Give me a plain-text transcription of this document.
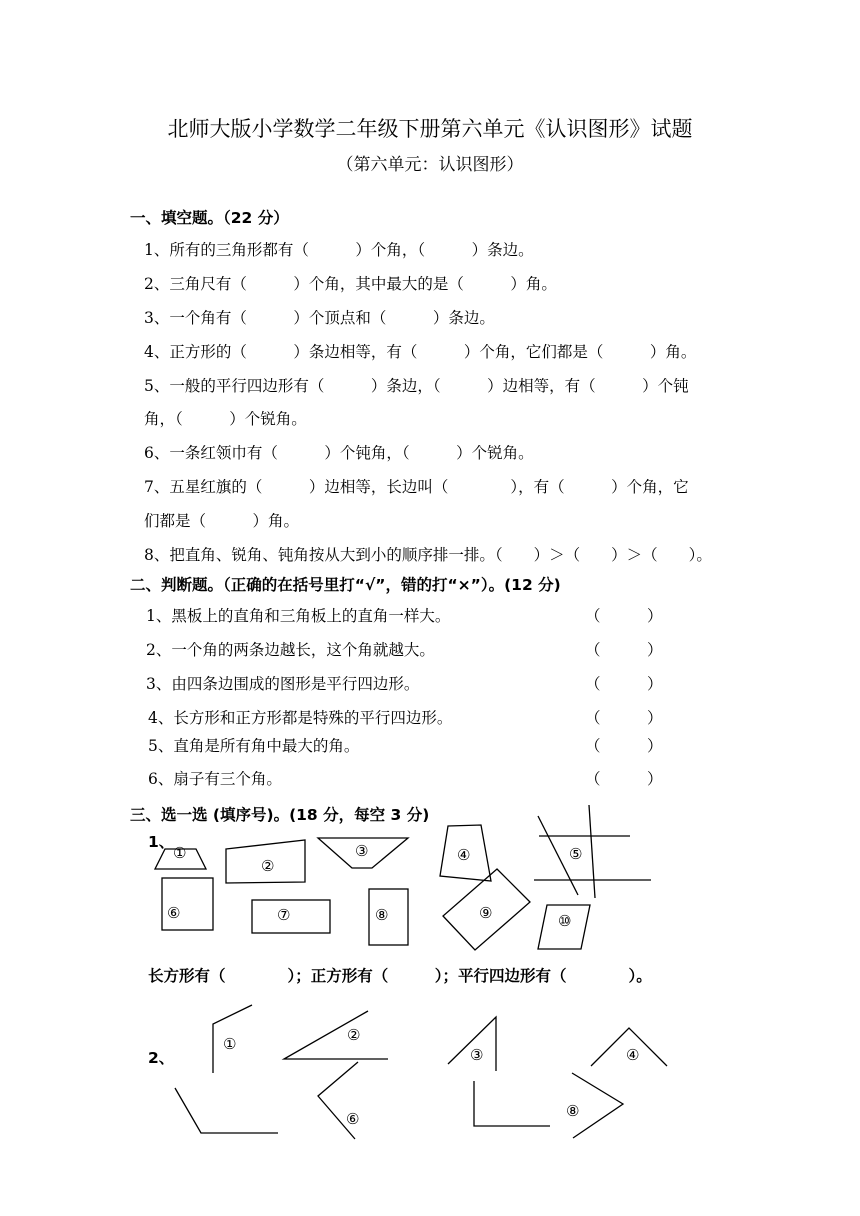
北师大版小学数学二年级下册第六单元《认识图形》试题
（第六单元：认识图形）
一、填空题。（22 分）
1、所有的三角形都有（　　　）个角，（　　　）条边。
2、三角尺有（　　　）个角，其中最大的是（　　　）角。
3、一个角有（　　　）个顶点和（　　　）条边。
4、正方形的（　　　）条边相等，有（　　　）个角，它们都是（　　　）角。
5、一般的平行四边形有（　　　）条边，（　　　）边相等，有（　　　）个钝
角，（　　　）个锐角。
6、一条红领巾有（　　　）个钝角，（　　　）个锐角。
7、五星红旗的（　　　）边相等，长边叫（　　　　），有（　　　）个角，它
们都是（　　　）角。
8、把直角、锐角、钝角按从大到小的顺序排一排。（　　）＞（　　）＞（　　）。
二、判断题。（正确的在括号里打“√”，错的打“×”）。(12 分)
1、黑板上的直角和三角板上的直角一样大。	（　　　）
2、一个角的两条边越长，这个角就越大。	（　　　）
3、由四条边围成的图形是平行四边形。	（　　　）
4、长方形和正方形都是特殊的平行四边形。	（　　　）
5、直角是所有角中最大的角。	（　　　）
6、扇子有三个角。	（　　　）
三、选一选 (填序号)。(18 分，每空 3 分)
1、
长方形有（　　　　）；正方形有（　　　）；平行四边形有（　　　　）。
2、
①
②
③	④	⑤
⑥	⑦	⑧	⑨	⑩
①	②
③	④
⑥	⑧
